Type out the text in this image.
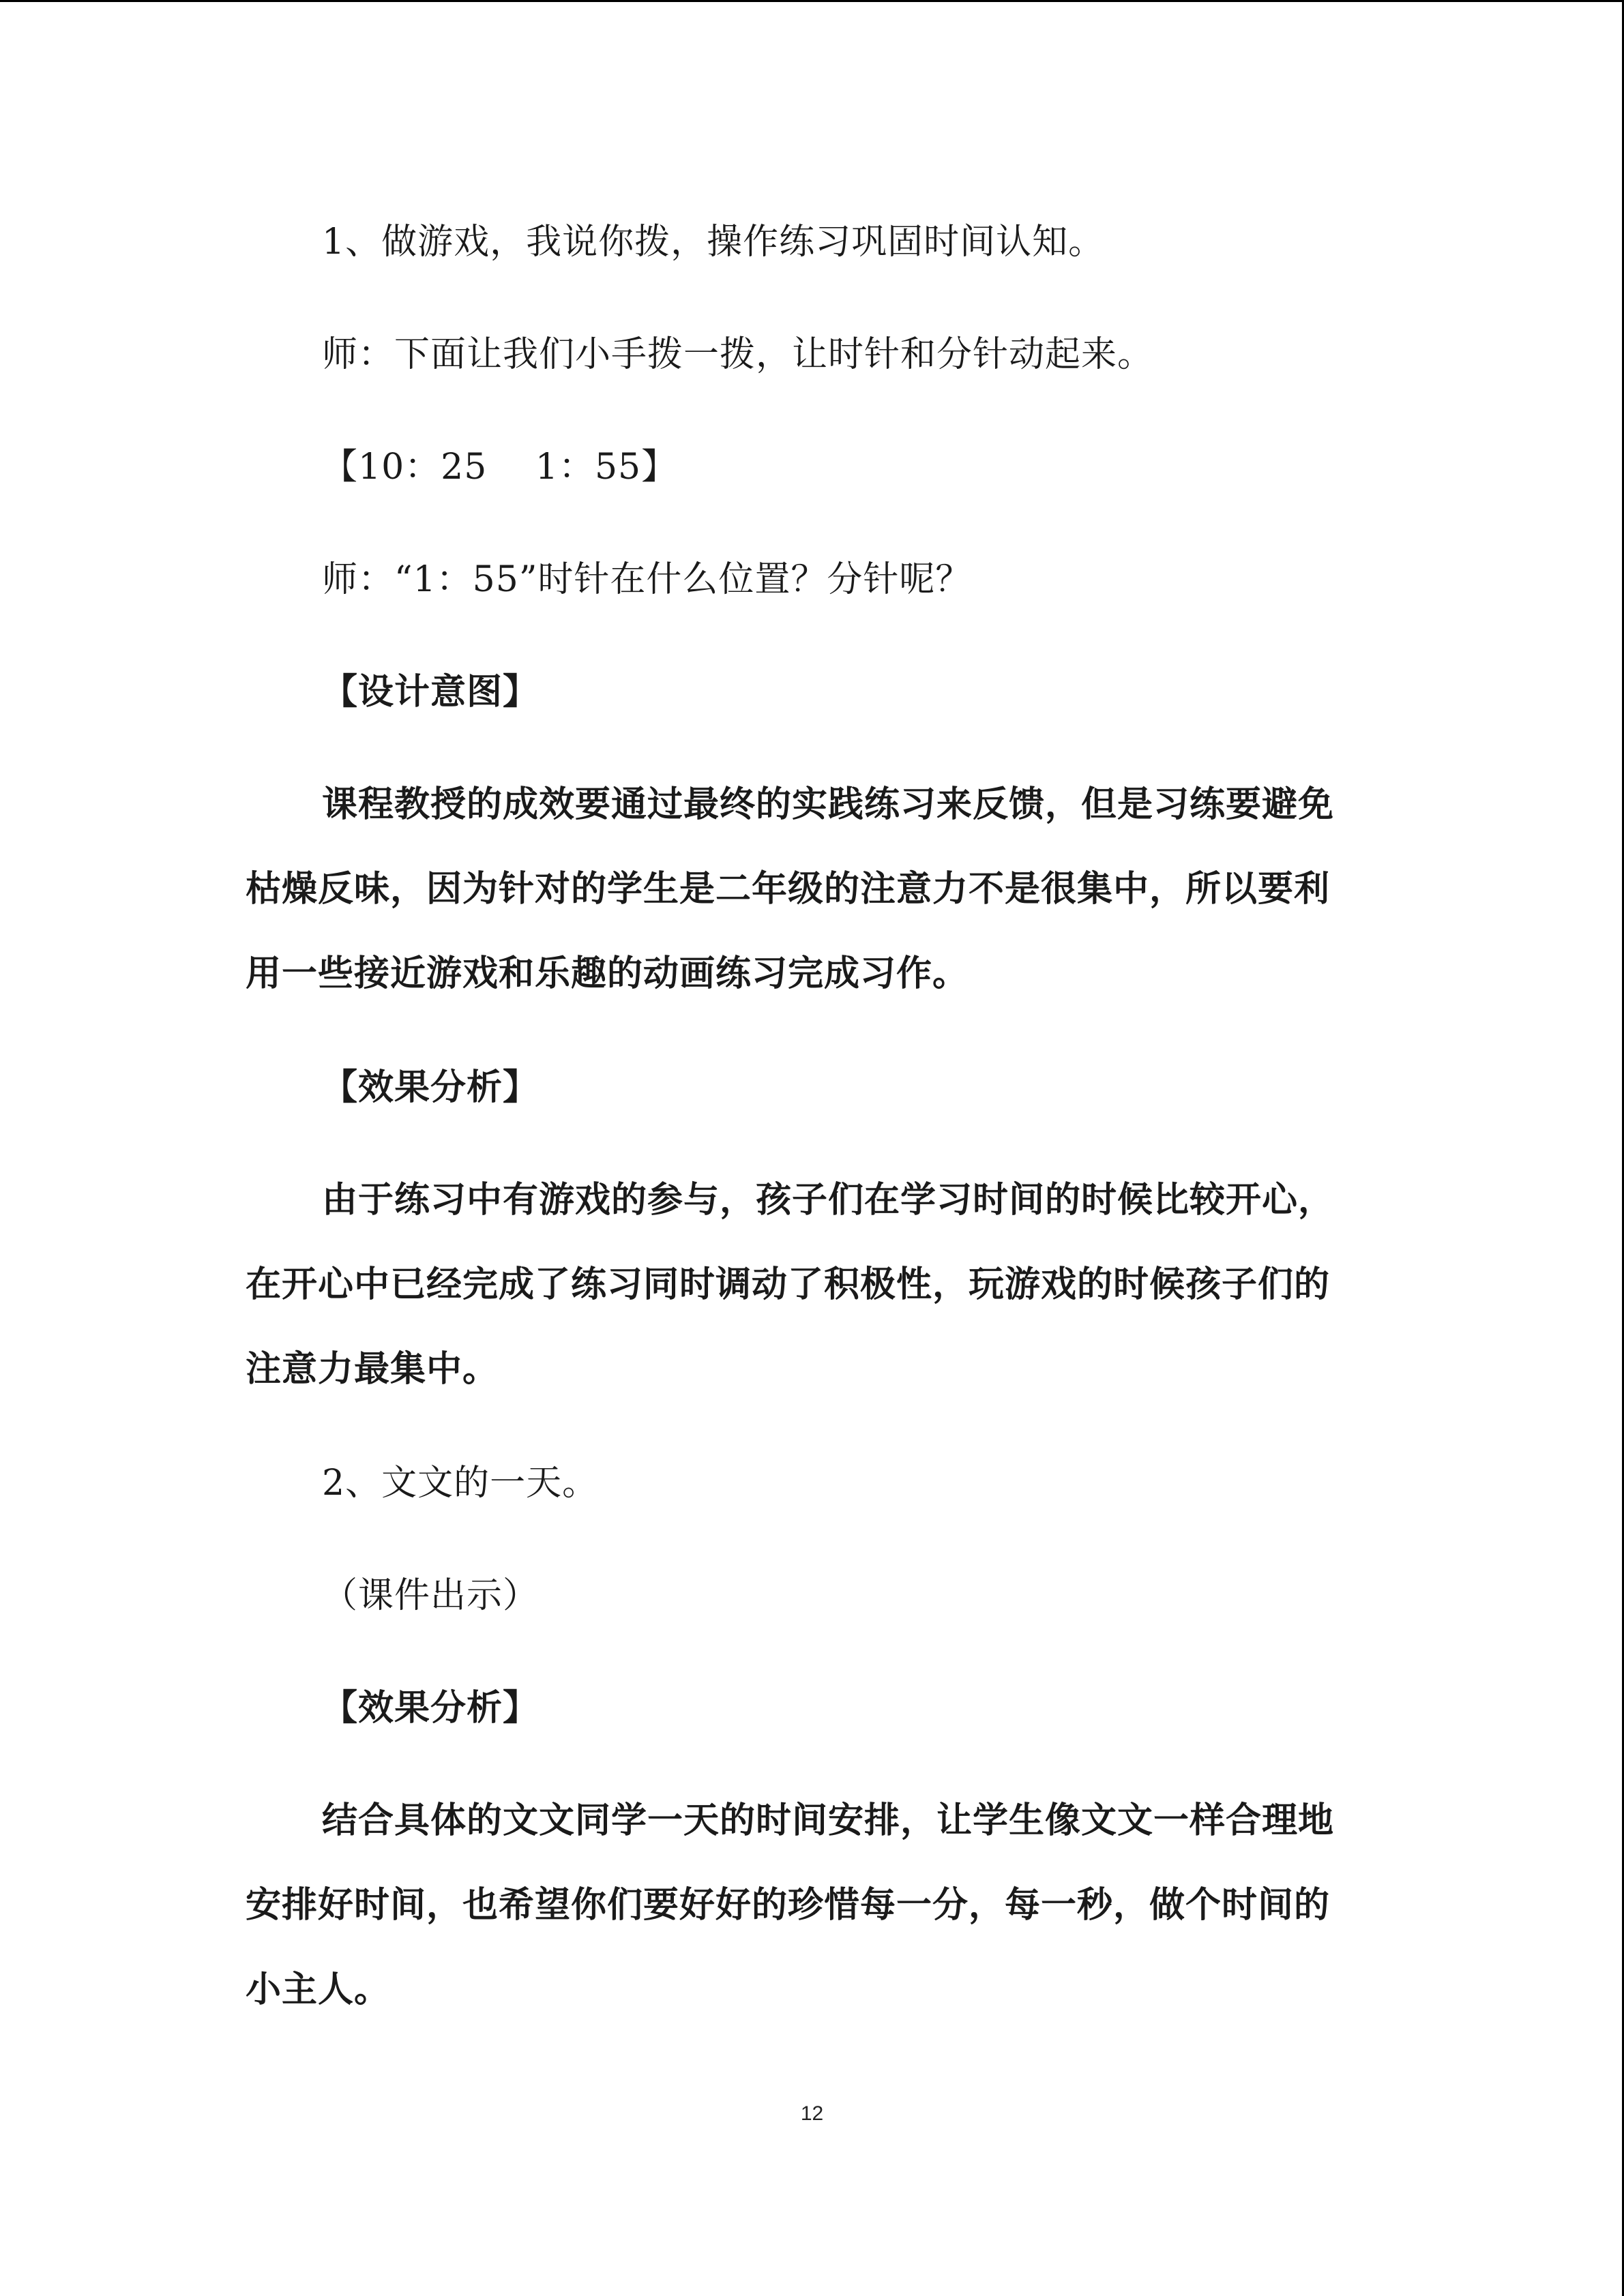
1、做游戏，我说你拨，操作练习巩固时间认知。

师：下面让我们小手拨一拨，让时针和分针动起来。

【10：25　 1：55】

师：“1：55”时针在什么位置？分针呢？

【设计意图】

课程教授的成效要通过最终的实践练习来反馈，但是习练要避免枯燥反味，因为针对的学生是二年级的注意力不是很集中，所以要利用一些接近游戏和乐趣的动画练习完成习作。

【效果分析】

由于练习中有游戏的参与，孩子们在学习时间的时候比较开心，在开心中已经完成了练习同时调动了积极性，玩游戏的时候孩子们的注意力最集中。

2、文文的一天。

（课件出示）

【效果分析】

结合具体的文文同学一天的时间安排，让学生像文文一样合理地安排好时间，也希望你们要好好的珍惜每一分，每一秒，做个时间的小主人。

12
